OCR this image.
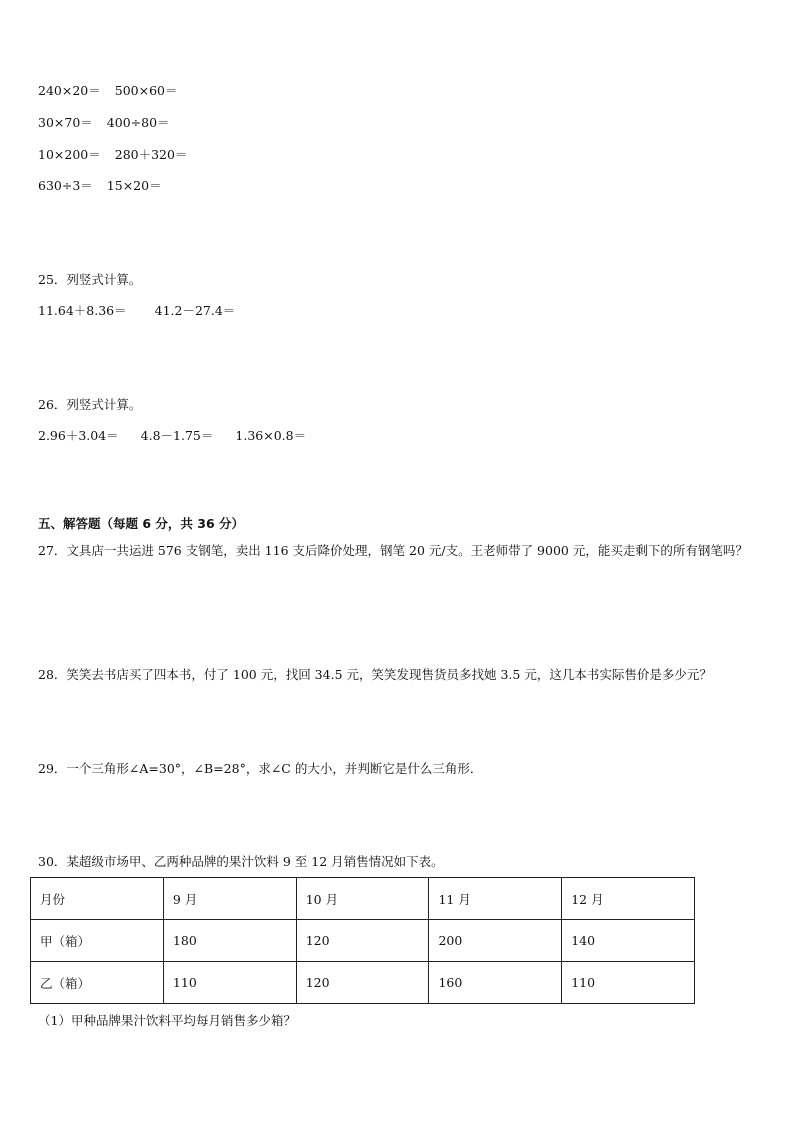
240×20＝ 500×60＝
30×70＝ 400÷80＝
10×200＝ 280＋320＝
630÷3＝ 15×20＝
25．列竖式计算。
11.64＋8.36＝ 41.2－27.4＝
26．列竖式计算。
2.96＋3.04＝ 4.8－1.75＝ 1.36×0.8＝
五、解答题（每题 6 分，共 36 分）
27．文具店一共运进 576 支钢笔，卖出 116 支后降价处理，钢笔 20 元/支。王老师带了 9000 元，能买走剩下的所有钢笔吗？
28．笑笑去书店买了四本书，付了 100 元，找回 34.5 元，笑笑发现售货员多找她 3.5 元，这几本书实际售价是多少元？
29．一个三角形∠A=30°，∠B=28°，求∠C 的大小，并判断它是什么三角形．
30．某超级市场甲、乙两种品牌的果汁饮料 9 至 12 月销售情况如下表。
月份	9 月	10 月	11 月	12 月
甲（箱）	180	120	200	140
乙（箱）	110	120	160	110
（1）甲种品牌果汁饮料平均每月销售多少箱？
